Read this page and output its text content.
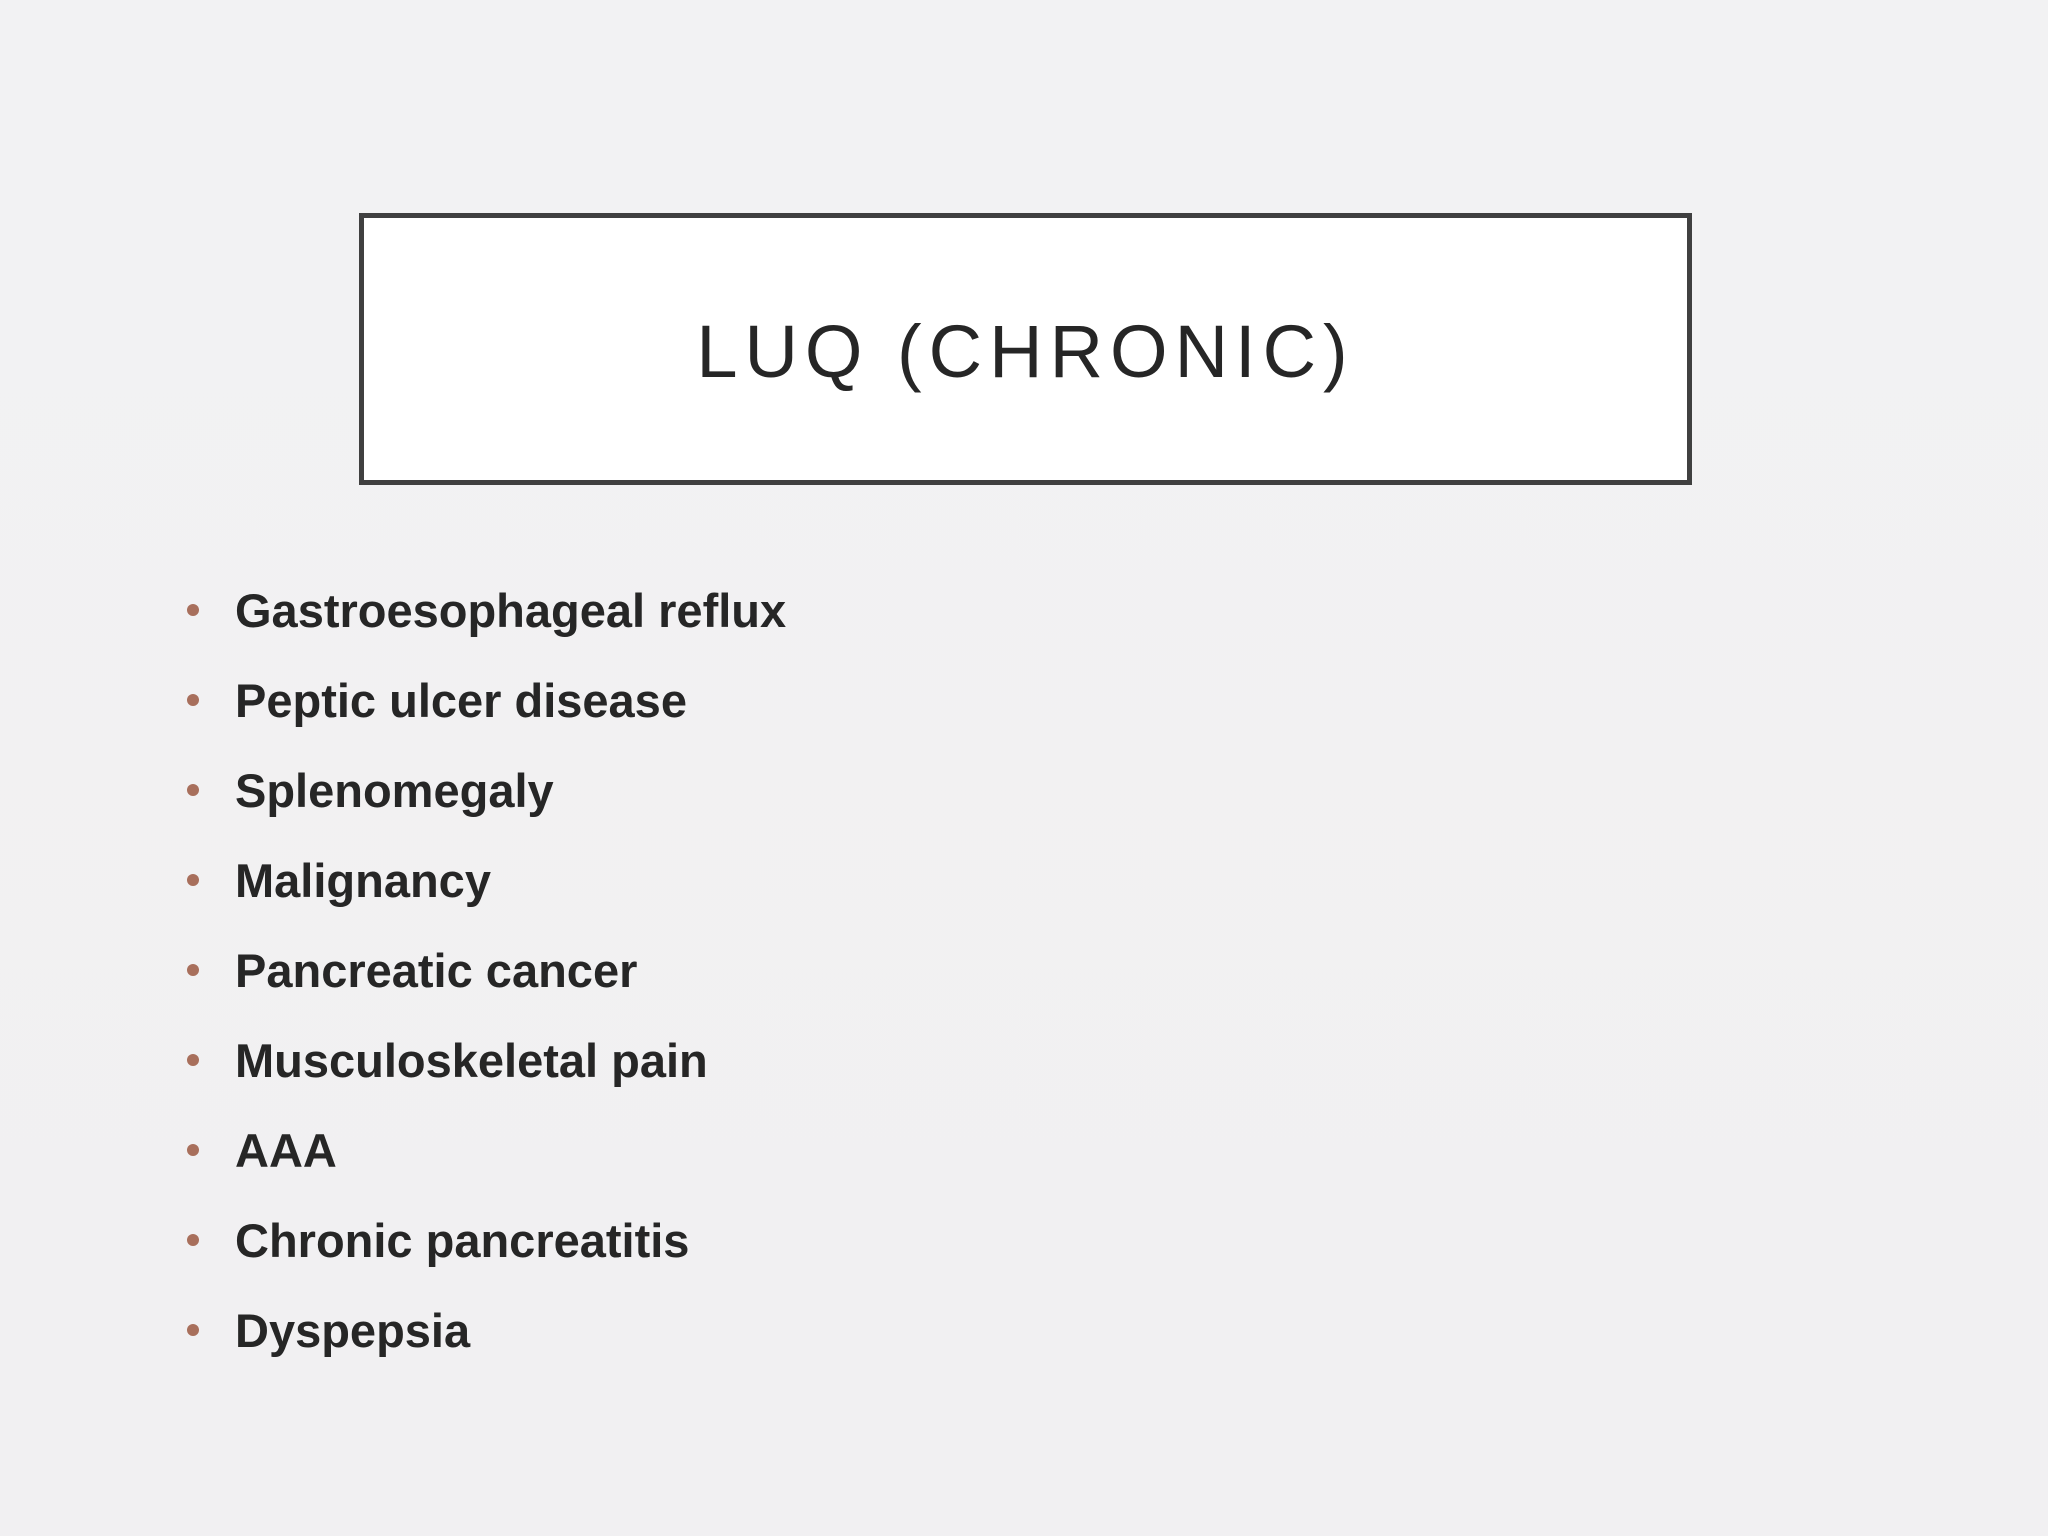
LUQ (CHRONIC)
Gastroesophageal reflux
Peptic ulcer disease
Splenomegaly
Malignancy
Pancreatic cancer
Musculoskeletal pain
AAA
Chronic pancreatitis
Dyspepsia
